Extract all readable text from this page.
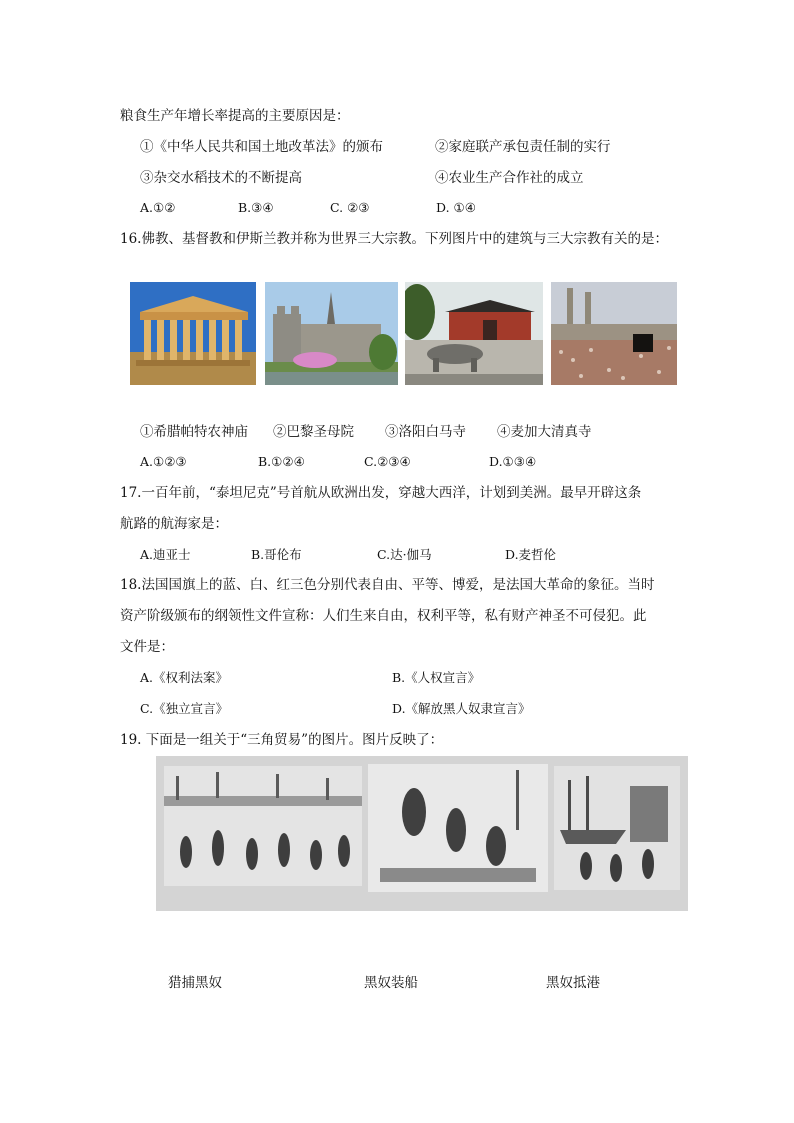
粮食生产年增长率提高的主要原因是：
①《中华人民共和国土地改革法》的颁布	②家庭联产承包责任制的实行
③杂交水稻技术的不断提高	④农业生产合作社的成立
A.①②	B.③④	C. ②③	D. ①④
16.佛教、基督教和伊斯兰教并称为世界三大宗教。下列图片中的建筑与三大宗教有关的是：
①希腊帕特农神庙 ②巴黎圣母院 ③洛阳白马寺 ④麦加大清真寺
A.①②③	B.①②④	C.②③④	D.①③④
17.一百年前，“泰坦尼克”号首航从欧洲出发，穿越大西洋，计划到美洲。最早开辟这条
航路的航海家是：
A.迪亚士	B.哥伦布	C.达·伽马	D.麦哲伦
18.法国国旗上的蓝、白、红三色分别代表自由、平等、博爱，是法国大革命的象征。当时
资产阶级颁布的纲领性文件宣称：人们生来自由，权利平等，私有财产神圣不可侵犯。此
文件是：
A.《权利法案》	B.《人权宣言》
C.《独立宣言》	D.《解放黑人奴隶宣言》
19. 下面是一组关于“三角贸易”的图片。图片反映了：
猎捕黑奴	黑奴装船	黑奴抵港
